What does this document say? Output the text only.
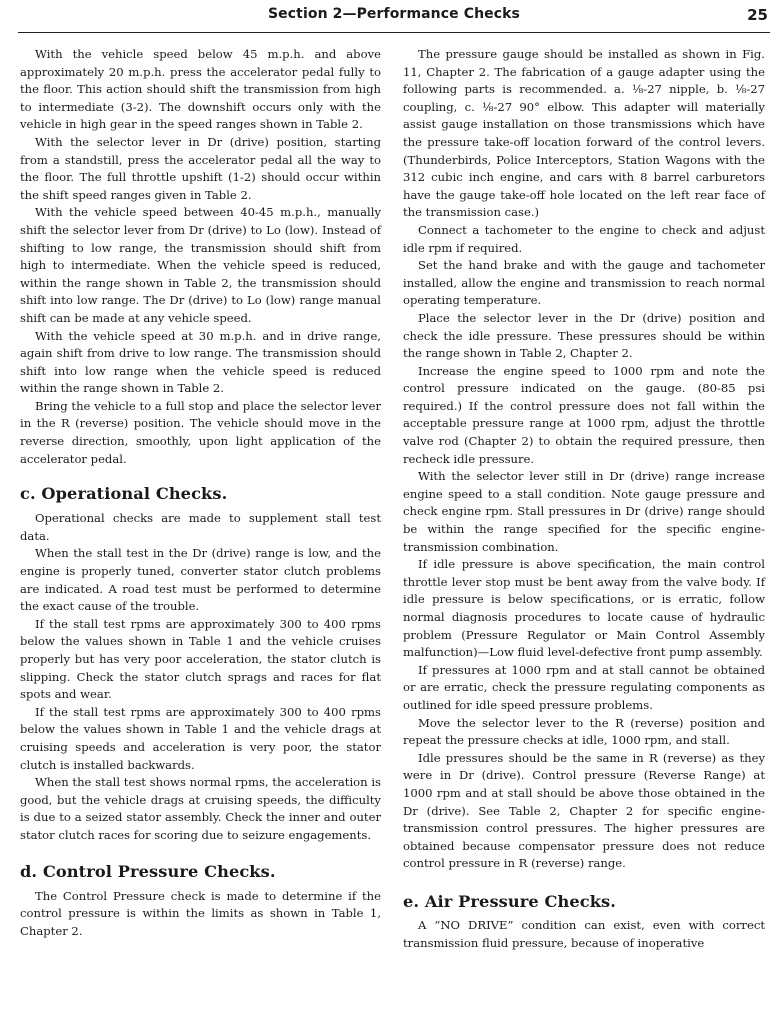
Section 2—Performance Checks	25

With the vehicle speed below 45 m.p.h. and above approximately 20 m.p.h. press the accelerator pedal fully to the floor. This action should shift the transmission from high to intermediate (3-2). The downshift occurs only with the vehicle in high gear in the speed ranges shown in Table 2.

With the selector lever in Dr (drive) position, starting from a standstill, press the accelerator pedal all the way to the floor. The full throttle upshift (1-2) should occur within the shift speed ranges given in Table 2.

With the vehicle speed between 40-45 m.p.h., manually shift the selector lever from Dr (drive) to Lo (low). Instead of shifting to low range, the transmission should shift from high to intermediate. When the vehicle speed is reduced, within the range shown in Table 2, the transmission should shift into low range. The Dr (drive) to Lo (low) range manual shift can be made at any vehicle speed.

With the vehicle speed at 30 m.p.h. and in drive range, again shift from drive to low range. The transmission should shift into low range when the vehicle speed is reduced within the range shown in Table 2.

Bring the vehicle to a full stop and place the selector lever in the R (reverse) position. The vehicle should move in the reverse direction, smoothly, upon light application of the accelerator pedal.

c. Operational Checks.

Operational checks are made to supplement stall test data.

When the stall test in the Dr (drive) range is low, and the engine is properly tuned, converter stator clutch problems are indicated. A road test must be performed to determine the exact cause of the trouble.

If the stall test rpms are approximately 300 to 400 rpms below the values shown in Table 1 and the vehicle cruises properly but has very poor acceleration, the stator clutch is slipping. Check the stator clutch sprags and races for flat spots and wear.

If the stall test rpms are approximately 300 to 400 rpms below the values shown in Table 1 and the vehicle drags at cruising speeds and acceleration is very poor, the stator clutch is installed backwards.

When the stall test shows normal rpms, the acceleration is good, but the vehicle drags at cruising speeds, the difficulty is due to a seized stator assembly. Check the inner and outer stator clutch races for scoring due to seizure engagements.

d. Control Pressure Checks.

The Control Pressure check is made to determine if the control pressure is within the limits as shown in Table 1, Chapter 2.

The pressure gauge should be installed as shown in Fig. 11, Chapter 2. The fabrication of a gauge adapter using the following parts is recommended. a. ⅛-27 nipple, b. ⅛-27 coupling, c. ⅛-27 90° elbow. This adapter will materially assist gauge installation on those transmissions which have the pressure take-off location forward of the control levers. (Thunderbirds, Police Interceptors, Station Wagons with the 312 cubic inch engine, and cars with 8 barrel carburetors have the gauge take-off hole located on the left rear face of the transmission case.)

Connect a tachometer to the engine to check and adjust idle rpm if required.

Set the hand brake and with the gauge and tachometer installed, allow the engine and transmission to reach normal operating temperature.

Place the selector lever in the Dr (drive) position and check the idle pressure. These pressures should be within the range shown in Table 2, Chapter 2.

Increase the engine speed to 1000 rpm and note the control pressure indicated on the gauge. (80-85 psi required.) If the control pressure does not fall within the acceptable pressure range at 1000 rpm, adjust the throttle valve rod (Chapter 2) to obtain the required pressure, then recheck idle pressure.

With the selector lever still in Dr (drive) range increase engine speed to a stall condition. Note gauge pressure and check engine rpm. Stall pressures in Dr (drive) range should be within the range specified for the specific engine-transmission combination.

If idle pressure is above specification, the main control throttle lever stop must be bent away from the valve body. If idle pressure is below specifications, or is erratic, follow normal diagnosis procedures to locate cause of hydraulic problem (Pressure Regulator or Main Control Assembly malfunction)—Low fluid level-defective front pump assembly.

If pressures at 1000 rpm and at stall cannot be obtained or are erratic, check the pressure regulating components as outlined for idle speed pressure problems.

Move the selector lever to the R (reverse) position and repeat the pressure checks at idle, 1000 rpm, and stall.

Idle pressures should be the same in R (reverse) as they were in Dr (drive). Control pressure (Reverse Range) at 1000 rpm and at stall should be above those obtained in the Dr (drive). See Table 2, Chapter 2 for specific engine-transmission control pressures. The higher pressures are obtained because compensator pressure does not reduce control pressure in R (reverse) range.

e. Air Pressure Checks.

A “NO DRIVE” condition can exist, even with correct transmission fluid pressure, because of inoperative
